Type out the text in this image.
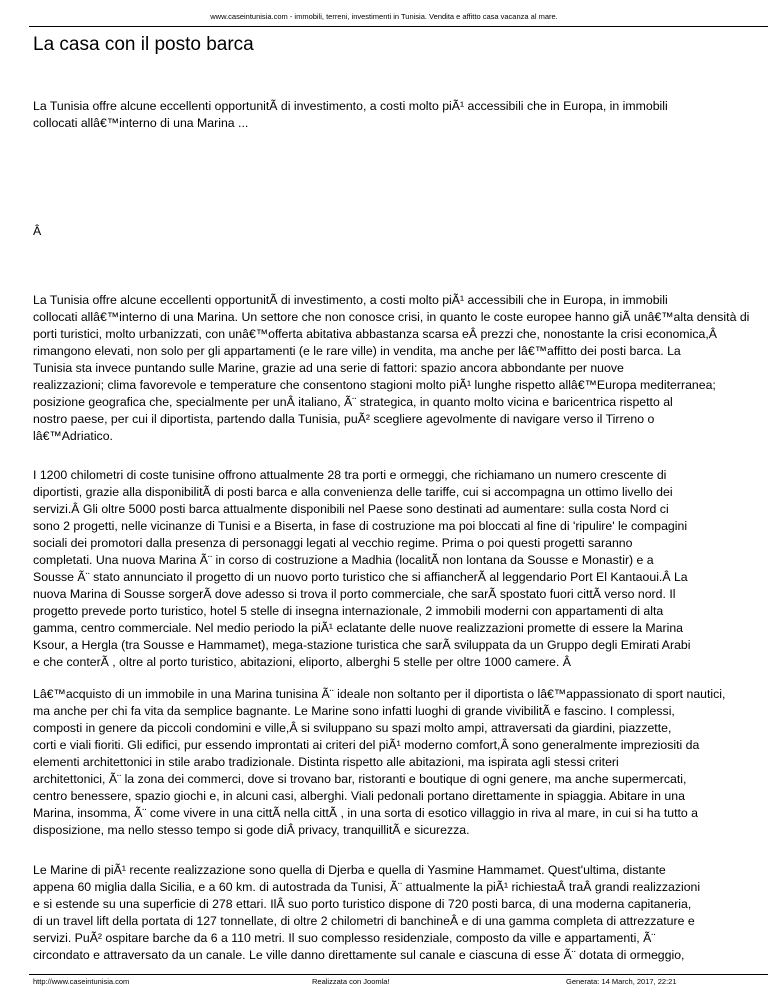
www.caseintunisia.com - immobili, terreni, investimenti in Tunisia. Vendita e affitto casa vacanza al mare.
La casa con il posto barca
La Tunisia offre alcune eccellenti opportunitÃ di investimento, a costi molto piÃ¹ accessibili che in Europa, in immobili
collocati allâ€™interno di una Marina ...
Â
La Tunisia offre alcune eccellenti opportunitÃ di investimento, a costi molto piÃ¹ accessibili che in Europa, in immobili
collocati allâ€™interno di una Marina. Un settore che non conosce crisi, in quanto le coste europee hanno giÃ unâ€™alta densità di
porti turistici, molto urbanizzati, con unâ€™offerta abitativa abbastanza scarsa eÂ prezzi che, nonostante la crisi economica,Â
rimangono elevati, non solo per gli appartamenti (e le rare ville) in vendita, ma anche per lâ€™affitto dei posti barca. La
Tunisia sta invece puntando sulle Marine, grazie ad una serie di fattori: spazio ancora abbondante per nuove
realizzazioni; clima favorevole e temperature che consentono stagioni molto piÃ¹ lunghe rispetto allâ€™Europa mediterranea;
posizione geografica che, specialmente per unÂ italiano, Ã¨ strategica, in quanto molto vicina e baricentrica rispetto al
nostro paese, per cui il diportista, partendo dalla Tunisia, puÃ² scegliere agevolmente di navigare verso il Tirreno o
lâ€™Adriatico.
I 1200 chilometri di coste tunisine offrono attualmente 28 tra porti e ormeggi, che richiamano un numero crescente di
diportisti, grazie alla disponibilitÃ di posti barca e alla convenienza delle tariffe, cui si accompagna un ottimo livello dei
servizi.Â Gli oltre 5000 posti barca attualmente disponibili nel Paese sono destinati ad aumentare: sulla costa Nord ci
sono 2 progetti, nelle vicinanze di Tunisi e a Biserta, in fase di costruzione ma poi bloccati al fine di 'ripulire' le compagini
sociali dei promotori dalla presenza di personaggi legati al vecchio regime. Prima o poi questi progetti saranno
completati. Una nuova Marina Ã¨ in corso di costruzione a Madhia (localitÃ non lontana da Sousse e Monastir) e a
Sousse Ã¨ stato annunciato il progetto di un nuovo porto turistico che si affiancherÃ al leggendario Port El Kantaoui.Â La
nuova Marina di Sousse sorgerÃ dove adesso si trova il porto commerciale, che sarÃ spostato fuori cittÃ verso nord. Il
progetto prevede porto turistico, hotel 5 stelle di insegna internazionale, 2 immobili moderni con appartamenti di alta
gamma, centro commerciale. Nel medio periodo la piÃ¹ eclatante delle nuove realizzazioni promette di essere la Marina
Ksour, a Hergla (tra Sousse e Hammamet), mega-stazione turistica che sarÃ sviluppata da un Gruppo degli Emirati Arabi
e che conterÃ , oltre al porto turistico, abitazioni, eliporto, alberghi 5 stelle per oltre 1000 camere. Â
Lâ€™acquisto di un immobile in una Marina tunisina Ã¨ ideale non soltanto per il diportista o lâ€™appassionato di sport nautici,
ma anche per chi fa vita da semplice bagnante. Le Marine sono infatti luoghi di grande vivibilitÃ e fascino. I complessi,
composti in genere da piccoli condomini e ville,Â si sviluppano su spazi molto ampi, attraversati da giardini, piazzette,
corti e viali fioriti. Gli edifici, pur essendo improntati ai criteri del piÃ¹ moderno comfort,Â sono generalmente impreziositi da
elementi architettonici in stile arabo tradizionale. Distinta rispetto alle abitazioni, ma ispirata agli stessi criteri
architettonici, Ã¨ la zona dei commerci, dove si trovano bar, ristoranti e boutique di ogni genere, ma anche supermercati,
centro benessere, spazio giochi e, in alcuni casi, alberghi. Viali pedonali portano direttamente in spiaggia. Abitare in una
Marina, insomma, Ã¨ come vivere in una cittÃ nella cittÃ , in una sorta di esotico villaggio in riva al mare, in cui si ha tutto a
disposizione, ma nello stesso tempo si gode diÂ privacy, tranquillitÃ e sicurezza.
Le Marine di piÃ¹ recente realizzazione sono quella di Djerba e quella di Yasmine Hammamet. Quest'ultima, distante
appena 60 miglia dalla Sicilia, e a 60 km. di autostrada da Tunisi, Ã¨ attualmente la piÃ¹ richiestaÂ traÂ grandi realizzazioni
e si estende su una superficie di 278 ettari. IlÂ suo porto turistico dispone di 720 posti barca, di una moderna capitaneria,
di un travel lift della portata di 127 tonnellate, di oltre 2 chilometri di banchineÂ e di una gamma completa di attrezzature e
servizi. PuÃ² ospitare barche da 6 a 110 metri. Il suo complesso residenziale, composto da ville e appartamenti, Ã¨
circondato e attraversato da un canale. Le ville danno direttamente sul canale e ciascuna di esse Ã¨ dotata di ormeggio,
http://www.caseintunisia.com	Realizzata con Joomla!	Generata: 14 March, 2017, 22:21
